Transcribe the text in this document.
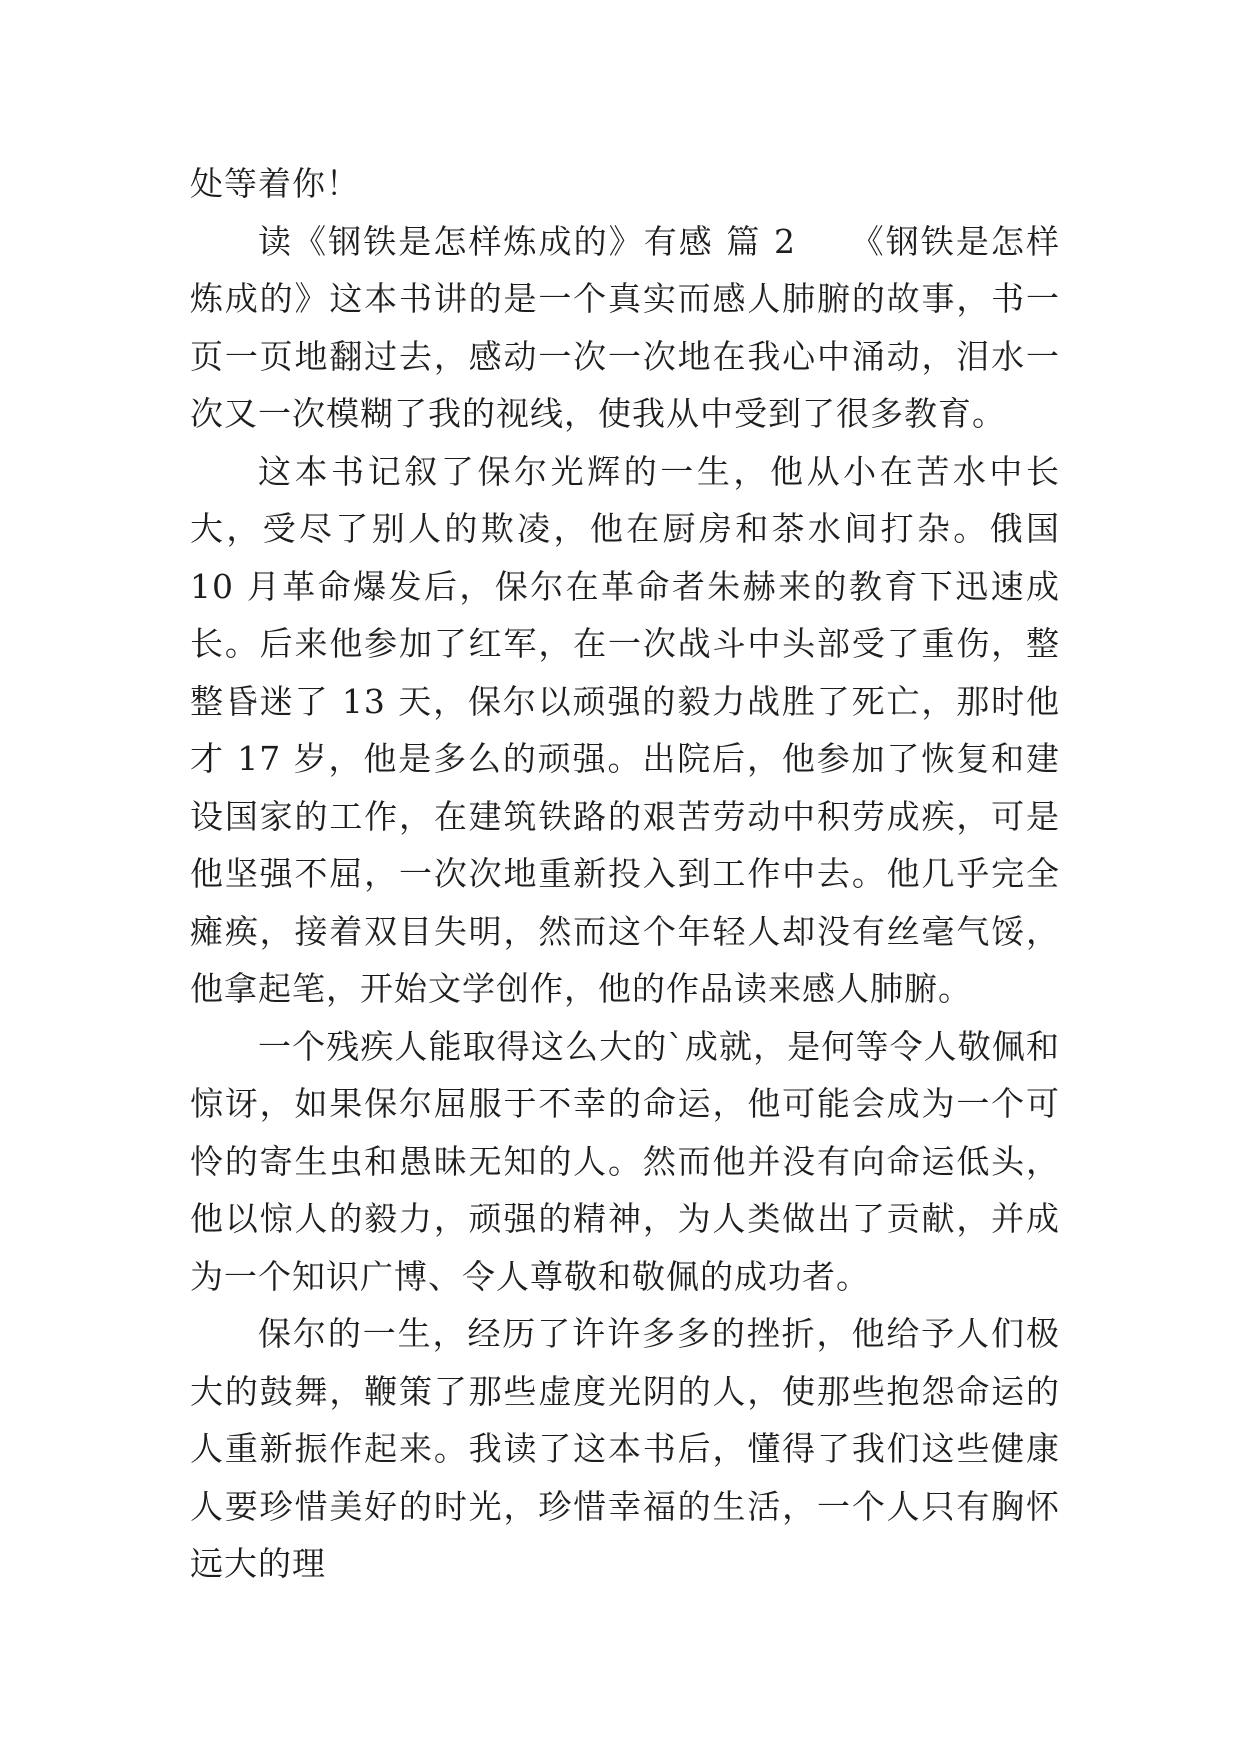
处等着你！

读《钢铁是怎样炼成的》有感 篇 2　　《钢铁是怎样炼成的》这本书讲的是一个真实而感人肺腑的故事，书一页一页地翻过去，感动一次一次地在我心中涌动，泪水一次又一次模糊了我的视线，使我从中受到了很多教育。

这本书记叙了保尔光辉的一生，他从小在苦水中长大，受尽了别人的欺凌，他在厨房和茶水间打杂。俄国 10 月革命爆发后，保尔在革命者朱赫来的教育下迅速成长。后来他参加了红军，在一次战斗中头部受了重伤，整整昏迷了 13 天，保尔以顽强的毅力战胜了死亡，那时他才 17 岁，他是多么的顽强。出院后，他参加了恢复和建设国家的工作，在建筑铁路的艰苦劳动中积劳成疾，可是他坚强不屈，一次次地重新投入到工作中去。他几乎完全瘫痪，接着双目失明，然而这个年轻人却没有丝毫气馁，他拿起笔，开始文学创作，他的作品读来感人肺腑。

一个残疾人能取得这么大的`成就，是何等令人敬佩和惊讶，如果保尔屈服于不幸的命运，他可能会成为一个可怜的寄生虫和愚昧无知的人。然而他并没有向命运低头，他以惊人的毅力，顽强的精神，为人类做出了贡献，并成为一个知识广博、令人尊敬和敬佩的成功者。

保尔的一生，经历了许许多多的挫折，他给予人们极大的鼓舞，鞭策了那些虚度光阴的人，使那些抱怨命运的人重新振作起来。我读了这本书后，懂得了我们这些健康人要珍惜美好的时光，珍惜幸福的生活，一个人只有胸怀远大的理
